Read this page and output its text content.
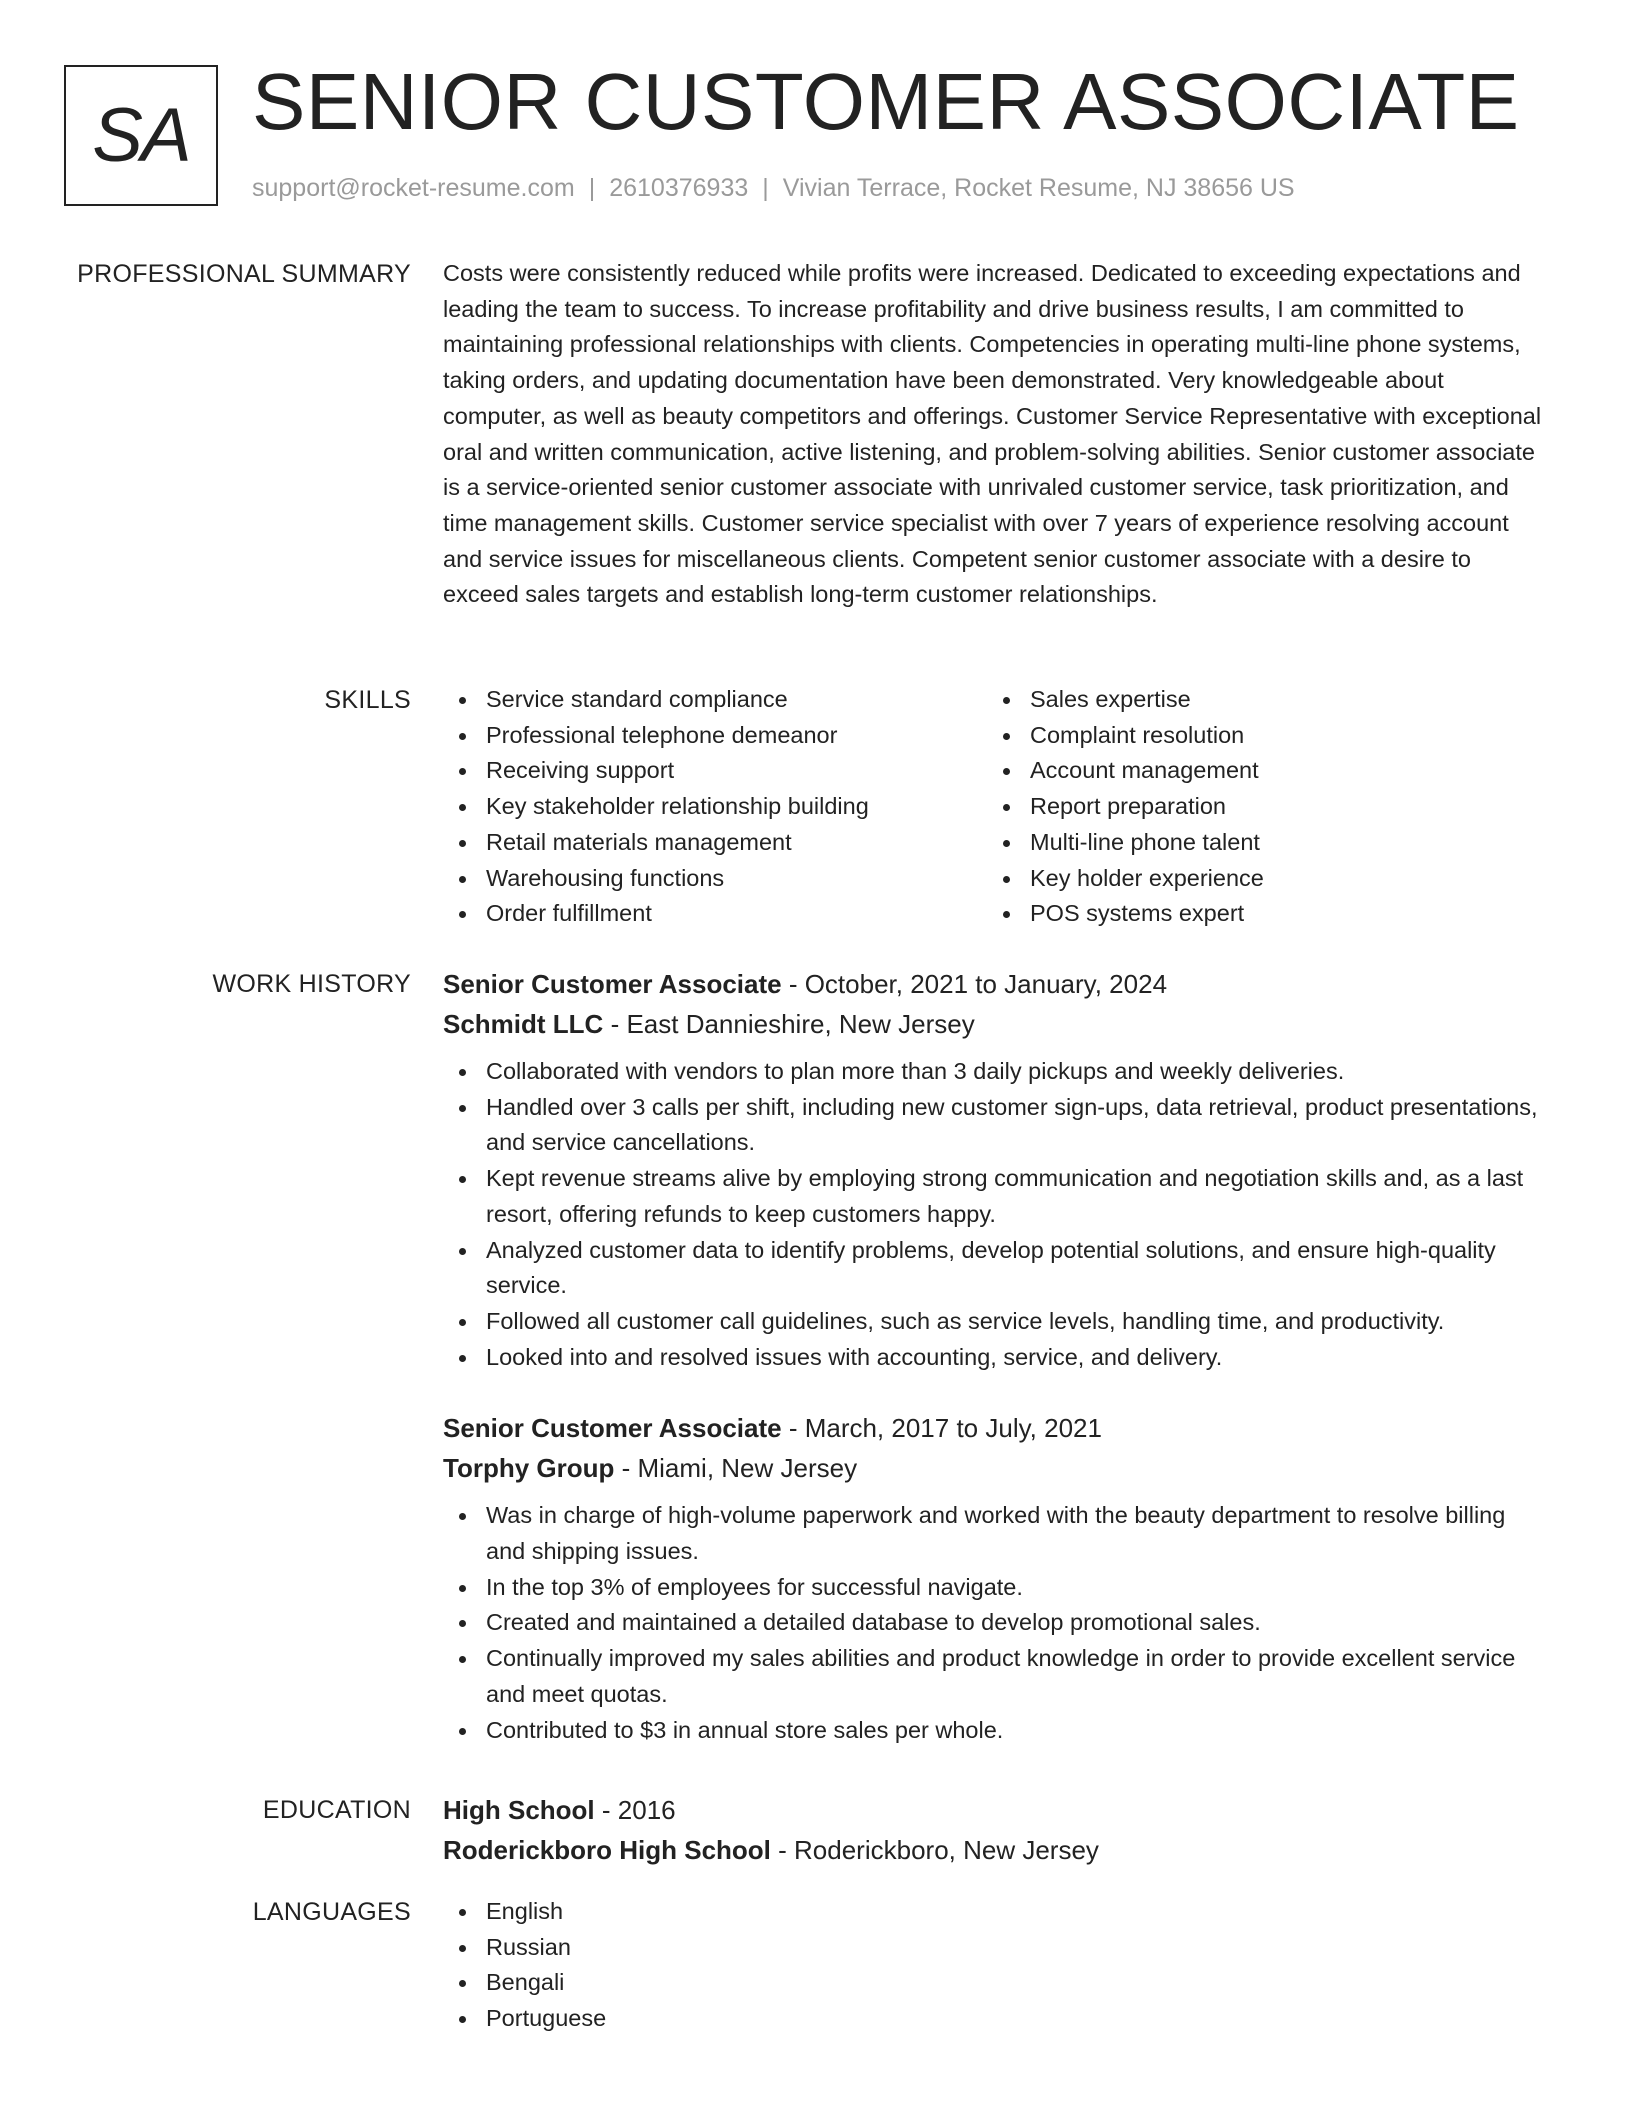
SA SENIOR CUSTOMER ASSOCIATE
support@rocket-resume.com | 2610376933 | Vivian Terrace, Rocket Resume, NJ 38656 US
PROFESSIONAL SUMMARY Costs were consistently reduced while profits were increased. Dedicated to exceeding expectations and leading the team to success. To increase profitability and drive business results, I am committed to maintaining professional relationships with clients. Competencies in operating multi-line phone systems, taking orders, and updating documentation have been demonstrated. Very knowledgeable about computer, as well as beauty competitors and offerings. Customer Service Representative with exceptional oral and written communication, active listening, and problem-solving abilities. Senior customer associate is a service-oriented senior customer associate with unrivaled customer service, task prioritization, and time management skills. Customer service specialist with over 7 years of experience resolving account and service issues for miscellaneous clients. Competent senior customer associate with a desire to exceed sales targets and establish long-term customer relationships.

SKILLS	Service standard compliance
Professional telephone demeanor
Receiving support
Key stakeholder relationship building
Retail materials management
Warehousing functions
Order fulfillment
Sales expertise
Complaint resolution
Account management
Report preparation
Multi-line phone talent
Key holder experience
POS systems expert
WORK HISTORY Senior Customer Associate - October, 2021 to January, 2024
Schmidt LLC - East Dannieshire, New Jersey
Collaborated with vendors to plan more than 3 daily pickups and weekly deliveries.
Handled over 3 calls per shift, including new customer sign-ups, data retrieval, product presentations, and service cancellations.
Kept revenue streams alive by employing strong communication and negotiation skills and, as a last resort, offering refunds to keep customers happy.
Analyzed customer data to identify problems, develop potential solutions, and ensure high-quality service.
Followed all customer call guidelines, such as service levels, handling time, and productivity.
Looked into and resolved issues with accounting, service, and delivery.
Senior Customer Associate - March, 2017 to July, 2021
Torphy Group - Miami, New Jersey
Was in charge of high-volume paperwork and worked with the beauty department to resolve billing and shipping issues.
In the top 3% of employees for successful navigate.
Created and maintained a detailed database to develop promotional sales.
Continually improved my sales abilities and product knowledge in order to provide excellent service and meet quotas.
Contributed to $3 in annual store sales per whole.
EDUCATION High School - 2016
Roderickboro High School - Roderickboro, New Jersey
LANGUAGES	English
Russian
Bengali
Portuguese
